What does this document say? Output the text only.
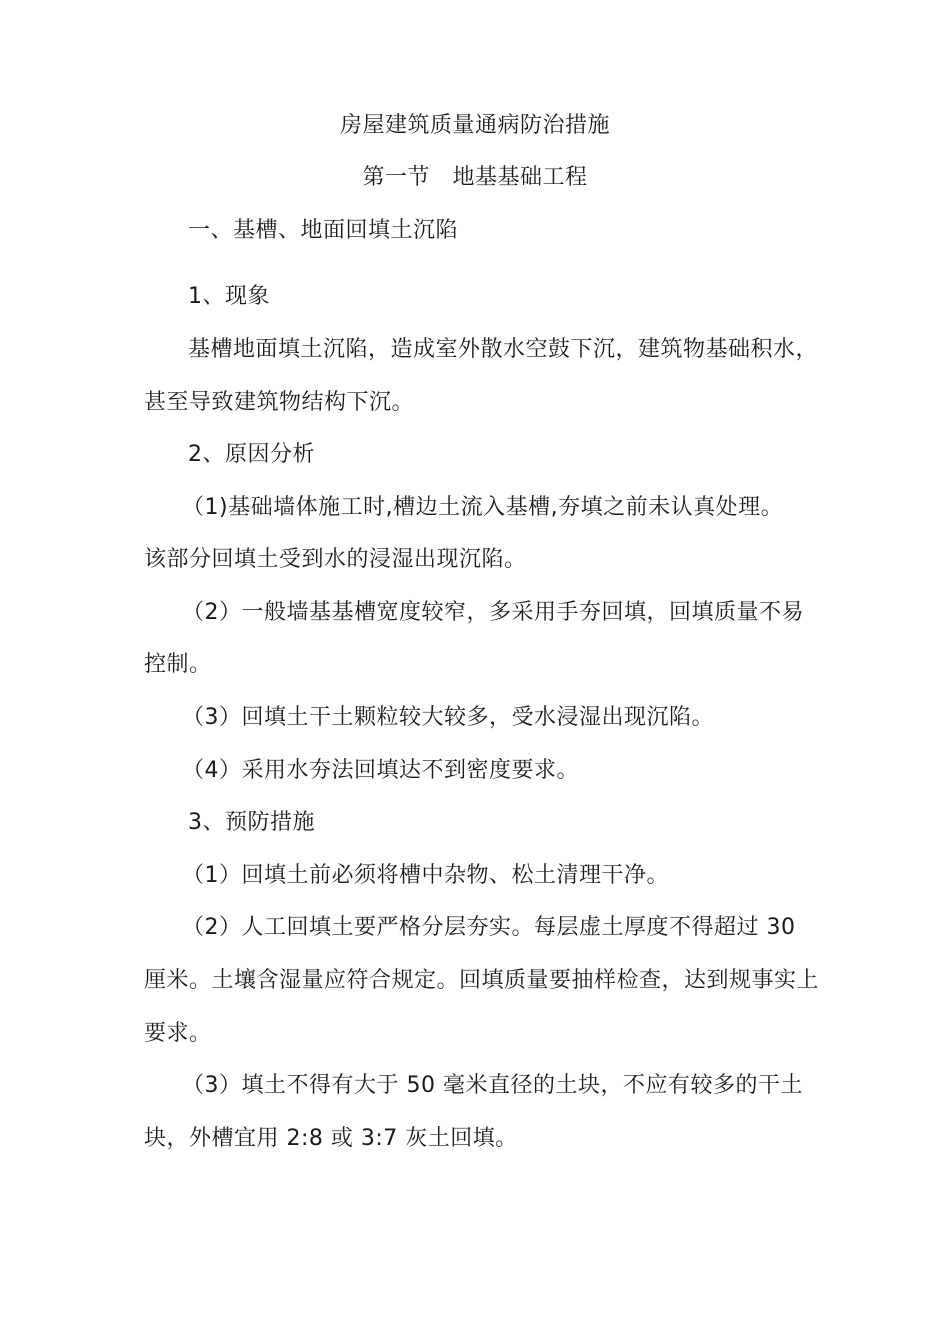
房屋建筑质量通病防治措施
第一节　地基基础工程
一、基槽、地面回填土沉陷
1、现象
基槽地面填土沉陷，造成室外散水空鼓下沉，建筑物基础积水，
甚至导致建筑物结构下沉。
2、原因分析
（1)基础墙体施工时,槽边土流入基槽,夯填之前未认真处理。
该部分回填土受到水的浸湿出现沉陷。
（2）一般墙基基槽宽度较窄，多采用手夯回填，回填质量不易
控制。
（3）回填土干土颗粒较大较多，受水浸湿出现沉陷。
（4）采用水夯法回填达不到密度要求。
3、预防措施
（1）回填土前必须将槽中杂物、松土清理干净。
（2）人工回填土要严格分层夯实。每层虚土厚度不得超过 30
厘米。土壤含湿量应符合规定。回填质量要抽样检查，达到规事实上
要求。
（3）填土不得有大于 50 毫米直径的土块，不应有较多的干土
块，外槽宜用 2:8 或 3:7 灰土回填。
